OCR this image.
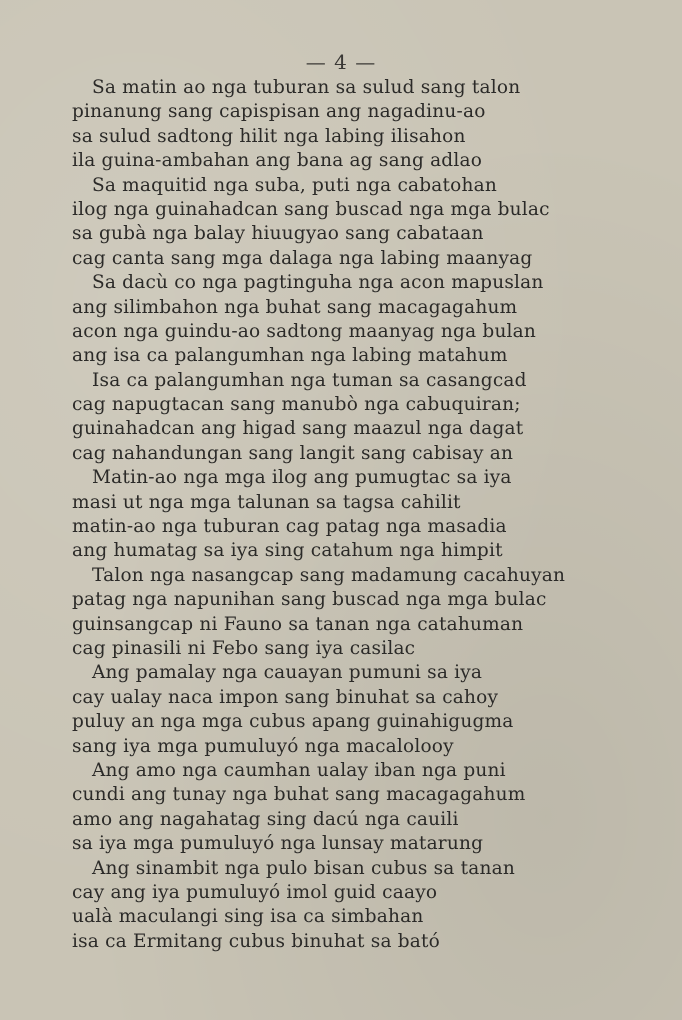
— 4 —
Sa matin ao nga tuburan sa sulud sang talon
pinanung sang capispisan ang nagadinu-ao
sa sulud sadtong hilit nga labing ilisahon
ila guina-ambahan ang bana ag sang adlao
Sa maquitid nga suba, puti nga cabatohan
ilog nga guinahadcan sang buscad nga mga bulac
sa gubà nga balay hiuugyao sang cabataan
cag canta sang mga dalaga nga labing maanyag
Sa dacù co nga pagtinguha nga acon mapuslan
ang silimbahon nga buhat sang macagagahum
acon nga guindu-ao sadtong maanyag nga bulan
ang isa ca palangumhan nga labing matahum
Isa ca palangumhan nga tuman sa casangcad
cag napugtacan sang manubò nga cabuquiran;
guinahadcan ang higad sang maazul nga dagat
cag nahandungan sang langit sang cabisay an
Matin-ao nga mga ilog ang pumugtac sa iya
masi ut nga mga talunan sa tagsa cahilit
matin-ao nga tuburan cag patag nga masadia
ang humatag sa iya sing catahum nga himpit
Talon nga nasangcap sang madamung cacahuyan
patag nga napunihan sang buscad nga mga bulac
guinsangcap ni Fauno sa tanan nga catahuman
cag pinasili ni Febo sang iya casilac
Ang pamalay nga cauayan pumuni sa iya
cay ualay naca impon sang binuhat sa cahoy
puluy an nga mga cubus apang guinahigugma
sang iya mga pumuluyó nga macalolooy
Ang amo nga caumhan ualay iban nga puni
cundi ang tunay nga buhat sang macagagahum
amo ang nagahatag sing dacú nga cauili
sa iya mga pumuluyó nga lunsay matarung
Ang sinambit nga pulo bisan cubus sa tanan
cay ang iya pumuluyó imol guid caayo
ualà maculangi sing isa ca simbahan
isa ca Ermitang cubus binuhat sa bató
